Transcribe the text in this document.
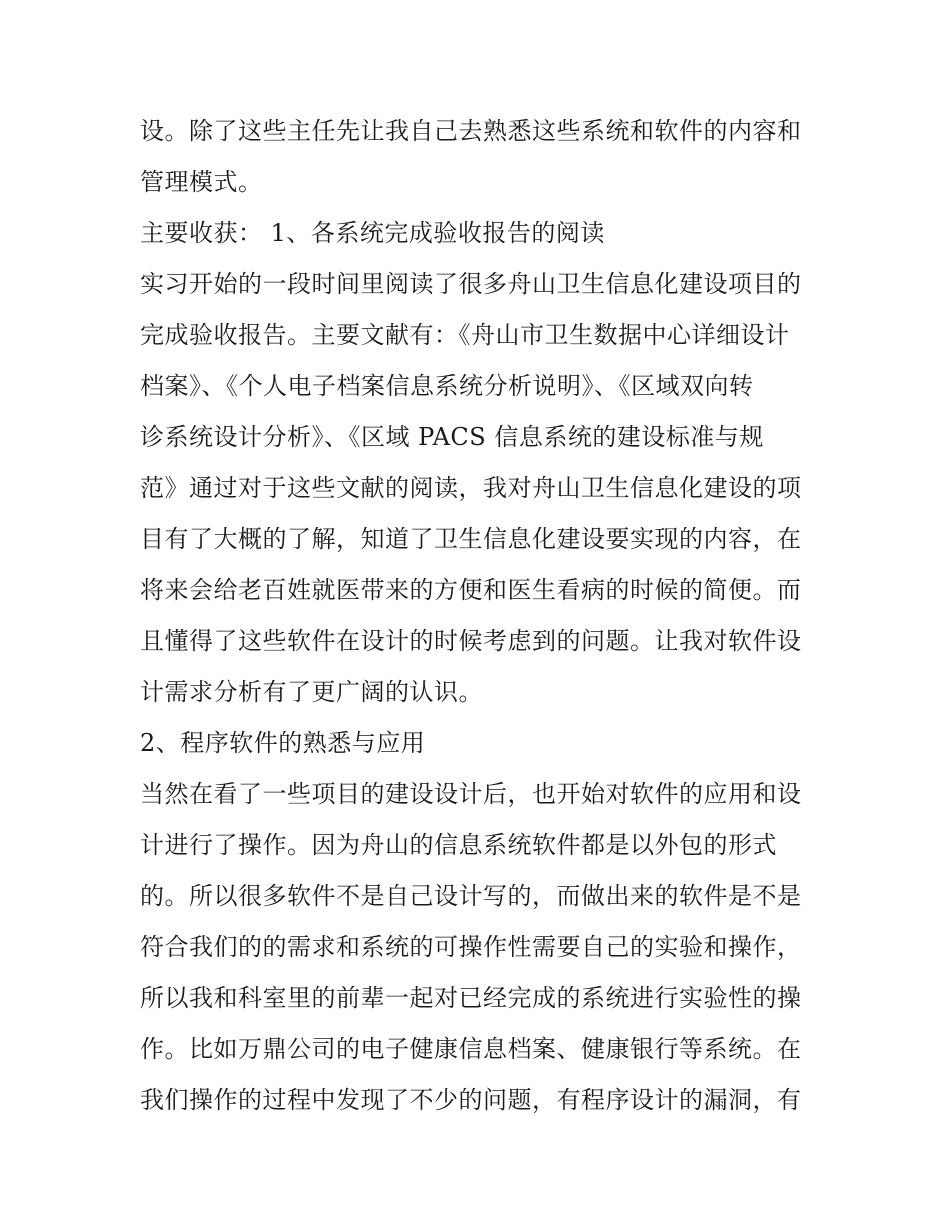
设。除了这些主任先让我自己去熟悉这些系统和软件的内容和
管理模式。
主要收获： 1、各系统完成验收报告的阅读
实习开始的一段时间里阅读了很多舟山卫生信息化建设项目的
完成验收报告。主要文献有：《舟山市卫生数据中心详细设计
档案》、《个人电子档案信息系统分析说明》、《区域双向转
诊系统设计分析》、《区域 PACS 信息系统的建设标准与规
范》通过对于这些文献的阅读，我对舟山卫生信息化建设的项
目有了大概的了解，知道了卫生信息化建设要实现的内容，在
将来会给老百姓就医带来的方便和医生看病的时候的简便。而
且懂得了这些软件在设计的时候考虑到的问题。让我对软件设
计需求分析有了更广阔的认识。
2、程序软件的熟悉与应用
当然在看了一些项目的建设设计后，也开始对软件的应用和设
计进行了操作。因为舟山的信息系统软件都是以外包的形式
的。所以很多软件不是自己设计写的，而做出来的软件是不是
符合我们的的需求和系统的可操作性需要自己的实验和操作，
所以我和科室里的前辈一起对已经完成的系统进行实验性的操
作。比如万鼎公司的电子健康信息档案、健康银行等系统。在
我们操作的过程中发现了不少的问题，有程序设计的漏洞，有
